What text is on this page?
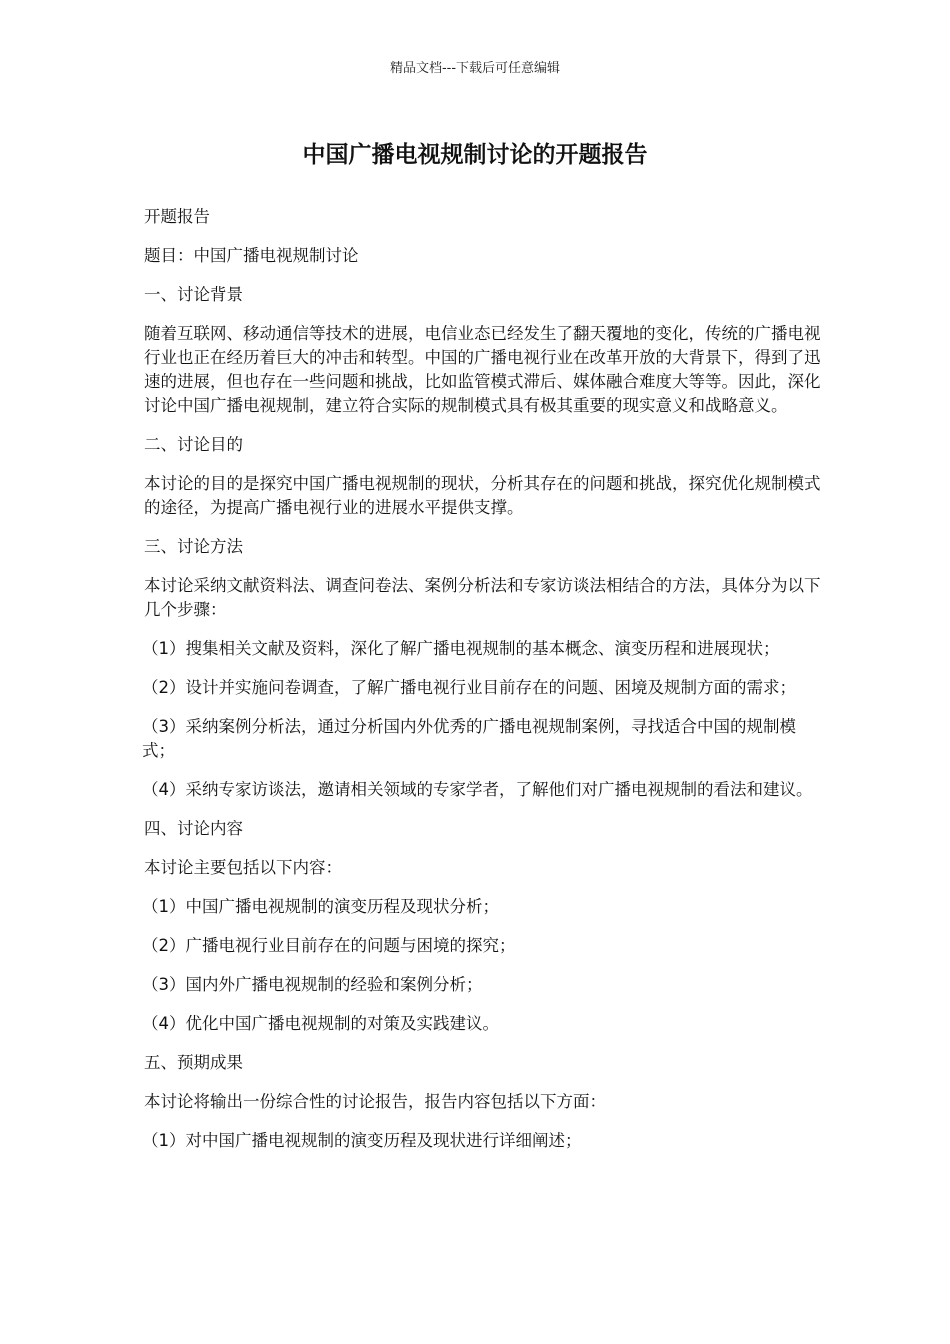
精品文档---下载后可任意编辑
中国广播电视规制讨论的开题报告

开题报告

题目：中国广播电视规制讨论

一、讨论背景

随着互联网、移动通信等技术的进展，电信业态已经发生了翻天覆地的变化，传统的广播电视行业也正在经历着巨大的冲击和转型。中国的广播电视行业在改革开放的大背景下，得到了迅速的进展，但也存在一些问题和挑战，比如监管模式滞后、媒体融合难度大等等。因此，深化讨论中国广播电视规制，建立符合实际的规制模式具有极其重要的现实意义和战略意义。

二、讨论目的

本讨论的目的是探究中国广播电视规制的现状，分析其存在的问题和挑战，探究优化规制模式的途径，为提高广播电视行业的进展水平提供支撑。

三、讨论方法

本讨论采纳文献资料法、调查问卷法、案例分析法和专家访谈法相结合的方法，具体分为以下几个步骤：

（1）搜集相关文献及资料，深化了解广播电视规制的基本概念、演变历程和进展现状；

（2）设计并实施问卷调查，了解广播电视行业目前存在的问题、困境及规制方面的需求；

（3）采纳案例分析法，通过分析国内外优秀的广播电视规制案例，寻找适合中国的规制模式；

（4）采纳专家访谈法，邀请相关领域的专家学者，了解他们对广播电视规制的看法和建议。

四、讨论内容

本讨论主要包括以下内容：

（1）中国广播电视规制的演变历程及现状分析；

（2）广播电视行业目前存在的问题与困境的探究；

（3）国内外广播电视规制的经验和案例分析；

（4）优化中国广播电视规制的对策及实践建议。

五、预期成果

本讨论将输出一份综合性的讨论报告，报告内容包括以下方面：

（1）对中国广播电视规制的演变历程及现状进行详细阐述；
